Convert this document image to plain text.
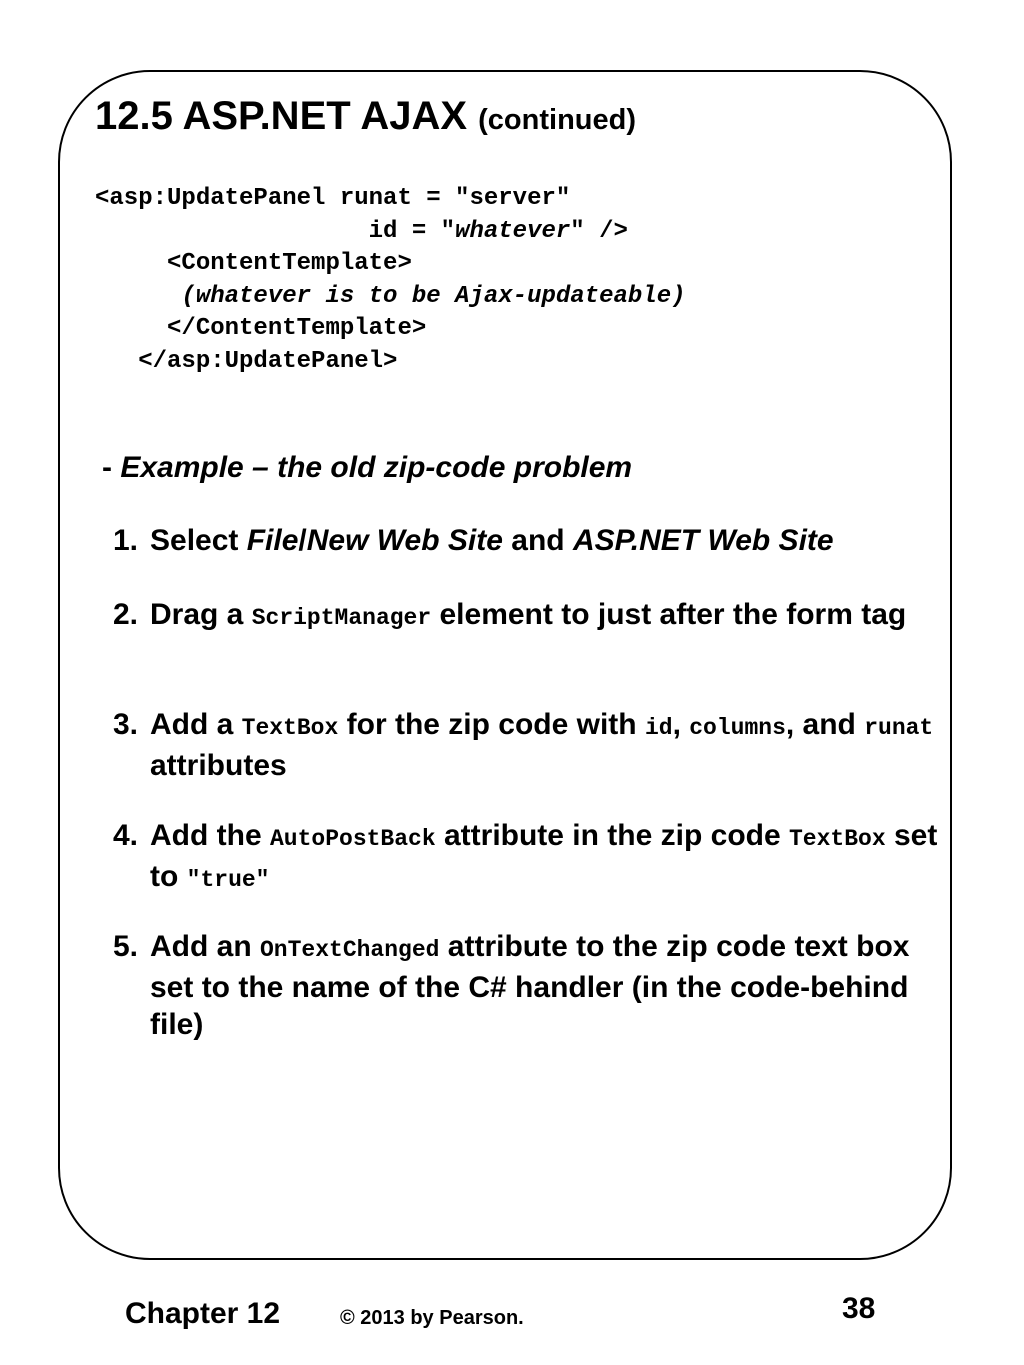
12.5 ASP.NET AJAX (continued)
<asp:UpdatePanel runat = "server"
id = "whatever" />
<ContentTemplate>
(whatever is to be Ajax-updateable)
</ContentTemplate>
</asp:UpdatePanel>
- Example – the old zip-code problem
1. Select File/New Web Site and ASP.NET Web Site
2. Drag a ScriptManager element to just after the form tag
3. Add a TextBox for the zip code with id, columns, and runat attributes
4. Add the AutoPostBack attribute in the zip code TextBox set to "true"
5. Add an OnTextChanged attribute to the zip code text box set to the name of the C# handler (in the code-behind file)
Chapter 12	© 2013 by Pearson.	38
